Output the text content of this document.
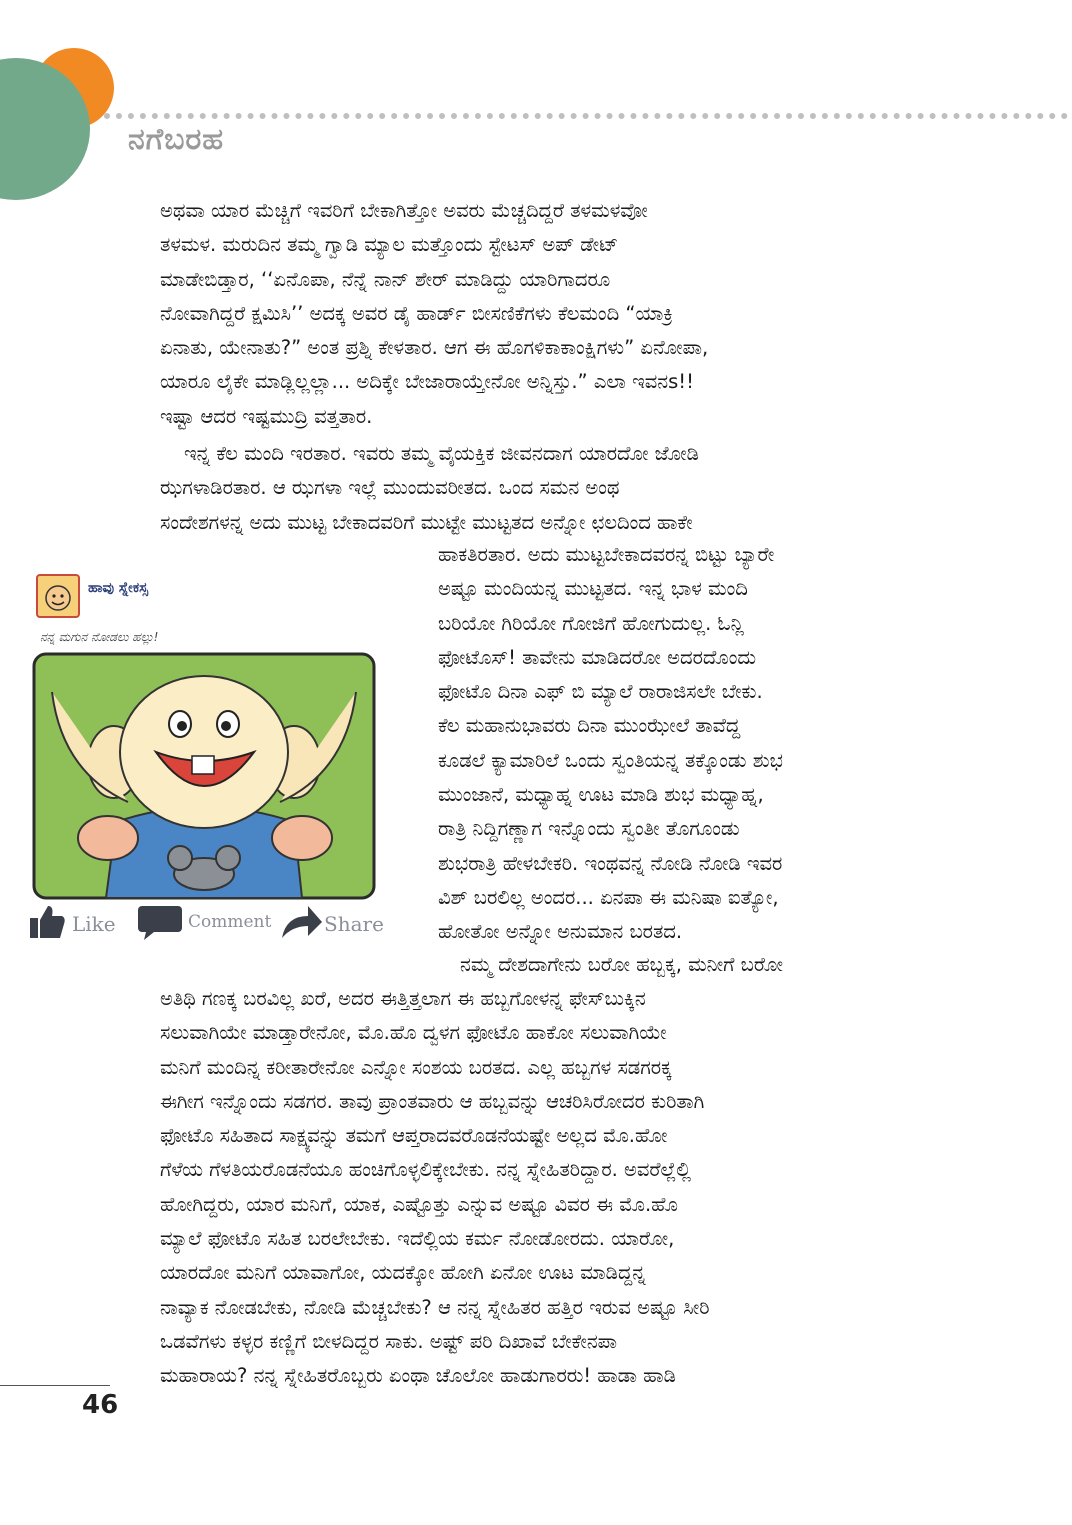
ನಗೆಬರಹ

ಅಥವಾ ಯಾರ ಮೆಚ್ಚಿಗೆ ಇವರಿಗೆ ಬೇಕಾಗಿತ್ತೋ ಅವರು ಮೆಚ್ಚದಿದ್ದರೆ ತಳಮಳವೋ

ತಳಮಳ. ಮರುದಿನ ತಮ್ಮ ಗ್ವಾಡಿ ಮ್ಯಾಲ ಮತ್ತೊಂದು ಸ್ಟೇಟಸ್ ಅಪ್ ಡೇಟ್

ಮಾಡೇಬಿಡ್ತಾರ, ‘‘ಏನೊಪಾ, ನೆನ್ನೆ ನಾನ್ ಶೇರ್ ಮಾಡಿದ್ದು ಯಾರಿಗಾದರೂ

ನೋವಾಗಿದ್ದರೆ ಕ್ಷಮಿಸಿ’’ ಅದಕ್ಕ ಅವರ ಡೈ ಹಾರ್ಡ್ ಬೀಸಣಿಕೆಗಳು ಕೆಲಮಂದಿ “ಯಾಕ್ರಿ

ಏನಾತು, ಯೇನಾತು?” ಅಂತ ಪ್ರಶ್ನಿ ಕೇಳತಾರ. ಆಗ ಈ ಹೊಗಳಿಕಾಕಾಂಕ್ಷಿಗಳು” ಏನೋಪಾ,

ಯಾರೂ ಲೈಕೇ ಮಾಡ್ಲಿಲ್ಲಲ್ಲಾ... ಅದಿಕ್ಕೇ ಬೇಜಾರಾಯ್ತೇನೋ ಅನ್ನಿಸ್ತು.” ಎಲಾ ಇವನs!!

ಇಷ್ಟಾ ಆದರ ಇಷ್ಟಮುದ್ರಿ ವತ್ತತಾರ.

ಇನ್ನ ಕೆಲ ಮಂದಿ ಇರತಾರ. ಇವರು ತಮ್ಮ ವೈಯಕ್ತಿಕ ಜೀವನದಾಗ ಯಾರದೋ ಜೋಡಿ

ಝಗಳಾಡಿರತಾರ. ಆ ಝಗಳಾ ಇಲ್ಲೆ ಮುಂದುವರೀತದ. ಒಂದ ಸಮನ ಅಂಥ

ಸಂದೇಶಗಳನ್ನ ಅದು ಮುಟ್ಟ ಬೇಕಾದವರಿಗೆ ಮುಟ್ಟೇ ಮುಟ್ಟತದ ಅನ್ನೋ ಛಲದಿಂದ ಹಾಕೇ

ಹಾಕತಿರತಾರ. ಅದು ಮುಟ್ಟಬೇಕಾದವರನ್ನ ಬಿಟ್ಟು ಬ್ಯಾರೇ

ಅಷ್ಟೂ ಮಂದಿಯನ್ನ ಮುಟ್ಟತದ. ಇನ್ನ ಭಾಳ ಮಂದಿ

ಬರಿಯೋ ಗಿರಿಯೋ ಗೋಜಿಗೆ ಹೋಗುದುಲ್ಲ. ಓನ್ಲಿ

ಫೋಟೊಸ್! ತಾವೇನು ಮಾಡಿದರೋ ಅದರದೊಂದು

ಫೋಟೊ ದಿನಾ ಎಫ್ ಬಿ ಮ್ಯಾಲೆ ರಾರಾಜಿಸಲೇ ಬೇಕು.

ಕೆಲ ಮಹಾನುಭಾವರು ದಿನಾ ಮುಂಝೇಲೆ ತಾವೆದ್ದ

ಕೂಡಲೆ ಕ್ಯಾಮಾರಿಲೆ ಒಂದು ಸ್ವಂತಿಯನ್ನ ತಕ್ಕೊಂಡು ಶುಭ

ಮುಂಜಾನೆ, ಮಧ್ಯಾಹ್ನ ಊಟ ಮಾಡಿ ಶುಭ ಮಧ್ಯಾಹ್ನ,

ರಾತ್ರಿ ನಿದ್ದಿಗಣ್ಣಾಗ ಇನ್ನೊಂದು ಸ್ವಂತೀ ತೊಗೂಂಡು

ಶುಭರಾತ್ರಿ ಹೇಳಬೇಕರಿ. ಇಂಥವನ್ನ ನೋಡಿ ನೋಡಿ ಇವರ

ವಿಶ್ ಬರಲಿಲ್ಲ ಅಂದರ... ಏನಪಾ ಈ ಮನಿಷಾ ಐತ್ಯೋ,

ಹೋತೋ ಅನ್ನೋ ಅನುಮಾನ ಬರತದ.

ನಮ್ಮ ದೇಶದಾಗೇನು ಬರೋ ಹಬ್ಬಕ್ಕ, ಮನೀಗೆ ಬರೋ

ಅತಿಥಿ ಗಣಕ್ಕ ಬರವಿಲ್ಲ ಖರೆ, ಅದರ ಈತ್ತಿತ್ತಲಾಗ ಈ ಹಬ್ಬಗೋಳನ್ನ ಫೇಸ್‌ಬುಕ್ಕಿನ

ಸಲುವಾಗಿಯೇ ಮಾಡ್ತಾರೇನೋ, ಮೊ.ಹೊ ದ್ವಳಗ ಫೋಟೊ ಹಾಕೋ ಸಲುವಾಗಿಯೇ

ಮನಿಗೆ ಮಂದಿನ್ನ ಕರೀತಾರೇನೋ ಎನ್ನೋ ಸಂಶಯ ಬರತದ. ಎಲ್ಲ ಹಬ್ಬಗಳ ಸಡಗರಕ್ಕ

ಈಗೀಗ ಇನ್ನೊಂದು ಸಡಗರ. ತಾವು ಪ್ರಾಂತವಾರು ಆ ಹಬ್ಬವನ್ನು ಆಚರಿಸಿರೋದರ ಕುರಿತಾಗಿ

ಫೋಟೊ ಸಹಿತಾದ ಸಾಕ್ಷ್ಯವನ್ನು ತಮಗೆ ಆಪ್ತರಾದವರೊಡನೆಯಷ್ಟೇ ಅಲ್ಲದ ಮೊ.ಹೋ

ಗೆಳೆಯ ಗೆಳತಿಯರೊಡನೆಯೂ ಹಂಚಿಗೊಳ್ಳಲಿಕ್ಕೇಬೇಕು. ನನ್ನ ಸ್ನೇಹಿತರಿದ್ದಾರ. ಅವರೆಲ್ಲೆಲ್ಲಿ

ಹೋಗಿದ್ದರು, ಯಾರ ಮನಿಗೆ, ಯಾಕ, ಎಷ್ಟೊತ್ತು ಎನ್ನುವ ಅಷ್ಟೂ ವಿವರ ಈ ಮೊ.ಹೊ

ಮ್ಯಾಲೆ ಫೋಟೊ ಸಹಿತ ಬರಲೇಬೇಕು. ಇದೆಲ್ಲಿಯ ಕರ್ಮ ನೋಡೋರದು. ಯಾರೋ,

ಯಾರದೋ ಮನಿಗೆ ಯಾವಾಗೋ, ಯದಕ್ಕೋ ಹೋಗಿ ಏನೋ ಊಟ ಮಾಡಿದ್ದನ್ನ

ನಾವ್ಯಾಕ ನೋಡಬೇಕು, ನೋಡಿ ಮೆಚ್ಚಬೇಕು? ಆ ನನ್ನ ಸ್ನೇಹಿತರ ಹತ್ತಿರ ಇರುವ ಅಷ್ಟೂ ಸೀರಿ

ಒಡವೆಗಳು ಕಳ್ಳರ ಕಣ್ಣಿಗೆ ಬೀಳದಿದ್ದರ ಸಾಕು. ಅಷ್ಟ್ ಪರಿ ದಿಖಾವೆ ಬೇಕೇನಪಾ

ಮಹಾರಾಯ? ನನ್ನ ಸ್ನೇಹಿತರೊಬ್ಬರು ಏಂಥಾ ಚೊಲೋ ಹಾಡುಗಾರರು! ಹಾಡಾ ಹಾಡಿ

ಹಾವು ಸ್ನೇಕಸ್ಸ
ನನ್ನ ಮಗುನ ನೋಡಲು ಹಲ್ಲು!
Like	Comment	Share
46
